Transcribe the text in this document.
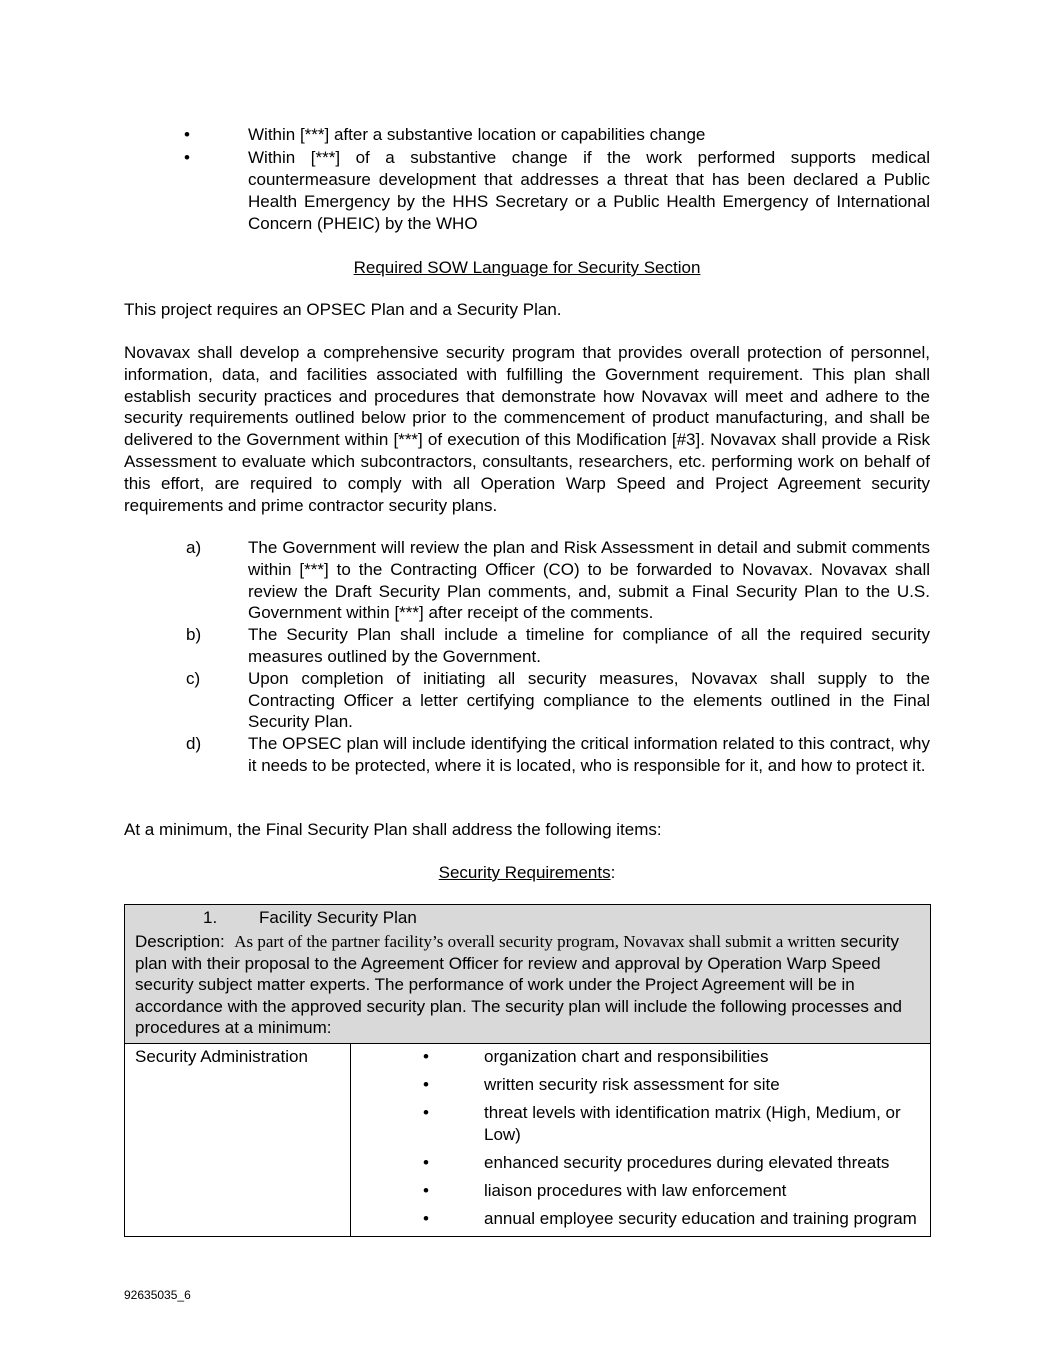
•	Within [***] after a substantive location or capabilities change
•	Within [***] of a substantive change if the work performed supports medical countermeasure development that addresses a threat that has been declared a Public Health Emergency by the HHS Secretary or a Public Health Emergency of International Concern (PHEIC) by the WHO
Required SOW Language for Security Section

This project requires an OPSEC Plan and a Security Plan.

Novavax shall develop a comprehensive security program that provides overall protection of personnel, information, data, and facilities associated with fulfilling the Government requirement. This plan shall establish security practices and procedures that demonstrate how Novavax will meet and adhere to the security requirements outlined below prior to the commencement of product manufacturing, and shall be delivered to the Government within [***] of execution of this Modification [#3]. Novavax shall provide a Risk Assessment to evaluate which subcontractors, consultants, researchers, etc. performing work on behalf of this effort, are required to comply with all Operation Warp Speed and Project Agreement security requirements and prime contractor security plans.

a)	The Government will review the plan and Risk Assessment in detail and submit comments within [***] to the Contracting Officer (CO) to be forwarded to Novavax. Novavax shall review the Draft Security Plan comments, and, submit a Final Security Plan to the U.S. Government within [***] after receipt of the comments.
b)	The Security Plan shall include a timeline for compliance of all the required security measures outlined by the Government.
c)	Upon completion of initiating all security measures, Novavax shall supply to the Contracting Officer a letter certifying compliance to the elements outlined in the Final Security Plan.
d)	The OPSEC plan will include identifying the critical information related to this contract, why it needs to be protected, where it is located, who is responsible for it, and how to protect it.

At a minimum, the Final Security Plan shall address the following items:

Security Requirements:
1. Facility Security Plan
Description: As part of the partner facility’s overall security program, Novavax shall submit a written security plan with their proposal to the Agreement Officer for review and approval by Operation Warp Speed security subject matter experts. The performance of work under the Project Agreement will be in accordance with the approved security plan. The security plan will include the following processes and procedures at a minimum:

Security Administration	•	organization chart and responsibilities
•	written security risk assessment for site
•	threat levels with identification matrix (High, Medium, or Low)
•	enhanced security procedures during elevated threats
•	liaison procedures with law enforcement
•	annual employee security education and training program
92635035_6
